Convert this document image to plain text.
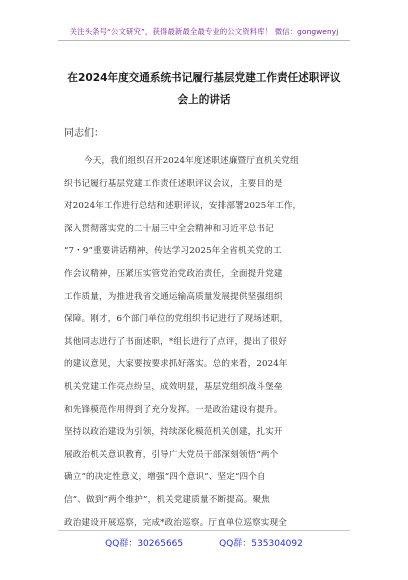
关注头条号“公文研究”，获得最新最全最专业的公文资料库！ 微信：gongwenyj
在2024年度交通系统书记履行基层党建工作责任述职评议
会上的讲话
同志们：
今天，我们组织召开2024年度述职述廉暨厅直机关党组
织书记履行基层党建工作责任述职评议会议，主要目的是
对2024年工作进行总结和述职评议，安排部署2025年工作，
深入贯彻落实党的二十届三中全会精神和习近平总书记
“7・9”重要讲话精神，传达学习2025年全省机关党的工
作会议精神，压紧压实管党治党政治责任，全面提升党建
工作质量，为推进我省交通运输高质量发展提供坚强组织
保障。刚才，6个部门单位的党组织书记进行了现场述职，
其他同志进行了书面述职，*组长进行了点评，提出了很好
的建议意见，大家要按要求抓好落实。总的来看，2024年
机关党建工作亮点纷呈，成效明显，基层党组织战斗堡垒
和先锋模范作用得到了充分发挥。一是政治建设有提升。
坚持以政治建设为引领，持续深化模范机关创建，扎实开
展政治机关意识教育，引导广大党员干部深刻领悟“两个
确立”的决定性意义，增强“四个意识”、坚定“四个自
信”、做到“两个维护”，机关党建质量不断提高。聚焦
政治建设开展巡察，完成*政治巡察。厅直单位巡察实现全
QQ群：30265665	QQ群：535304092
